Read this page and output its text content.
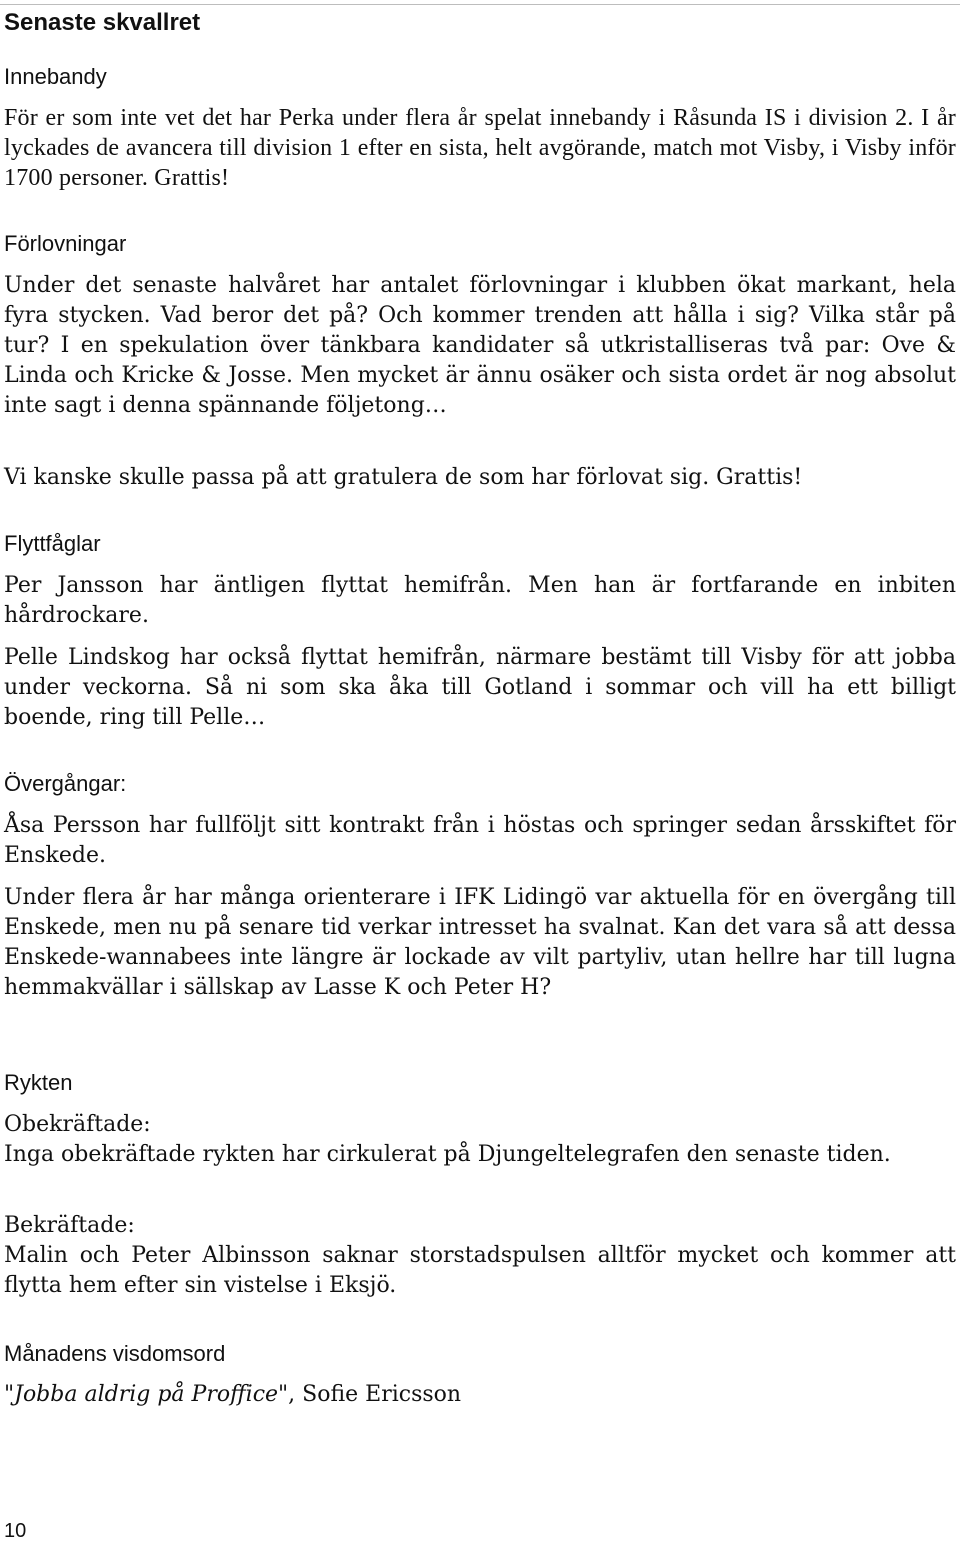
Senaste skvallret
Innebandy

För er som inte vet det har Perka under flera år spelat innebandy i Råsunda IS i division 2. I år lyckades de avancera till division 1 efter en sista, helt avgörande, match mot Visby, i Visby inför 1700 personer. Grattis!

Förlovningar

Under det senaste halvåret har antalet förlovningar i klubben ökat markant, hela fyra stycken. Vad beror det på? Och kommer trenden att hålla i sig? Vilka står på tur? I en spekulation över tänkbara kandidater så utkristalliseras två par: Ove & Linda och Kricke & Josse. Men mycket är ännu osäker och sista ordet är nog absolut inte sagt i denna spännande följetong…

Vi kanske skulle passa på att gratulera de som har förlovat sig. Grattis!

Flyttfåglar

Per Jansson har äntligen flyttat hemifrån. Men han är fortfarande en inbiten hårdrockare.

Pelle Lindskog har också flyttat hemifrån, närmare bestämt till Visby för att jobba under veckorna. Så ni som ska åka till Gotland i sommar och vill ha ett billigt boende, ring till Pelle…

Övergångar:

Åsa Persson har fullföljt sitt kontrakt från i höstas och springer sedan årsskiftet för Enskede.

Under flera år har många orienterare i IFK Lidingö var aktuella för en övergång till Enskede, men nu på senare tid verkar intresset ha svalnat. Kan det vara så att dessa Enskede-wannabees inte längre är lockade av vilt partyliv, utan hellre har till lugna hemmakvällar i sällskap av Lasse K och Peter H?

Rykten

Obekräftade:

Inga obekräftade rykten har cirkulerat på Djungeltelegrafen den senaste tiden.

Bekräftade:

Malin och Peter Albinsson saknar storstadspulsen alltför mycket och kommer att flytta hem efter sin vistelse i Eksjö.

Månadens visdomsord

"Jobba aldrig på Proffice", Sofie Ericsson

10
